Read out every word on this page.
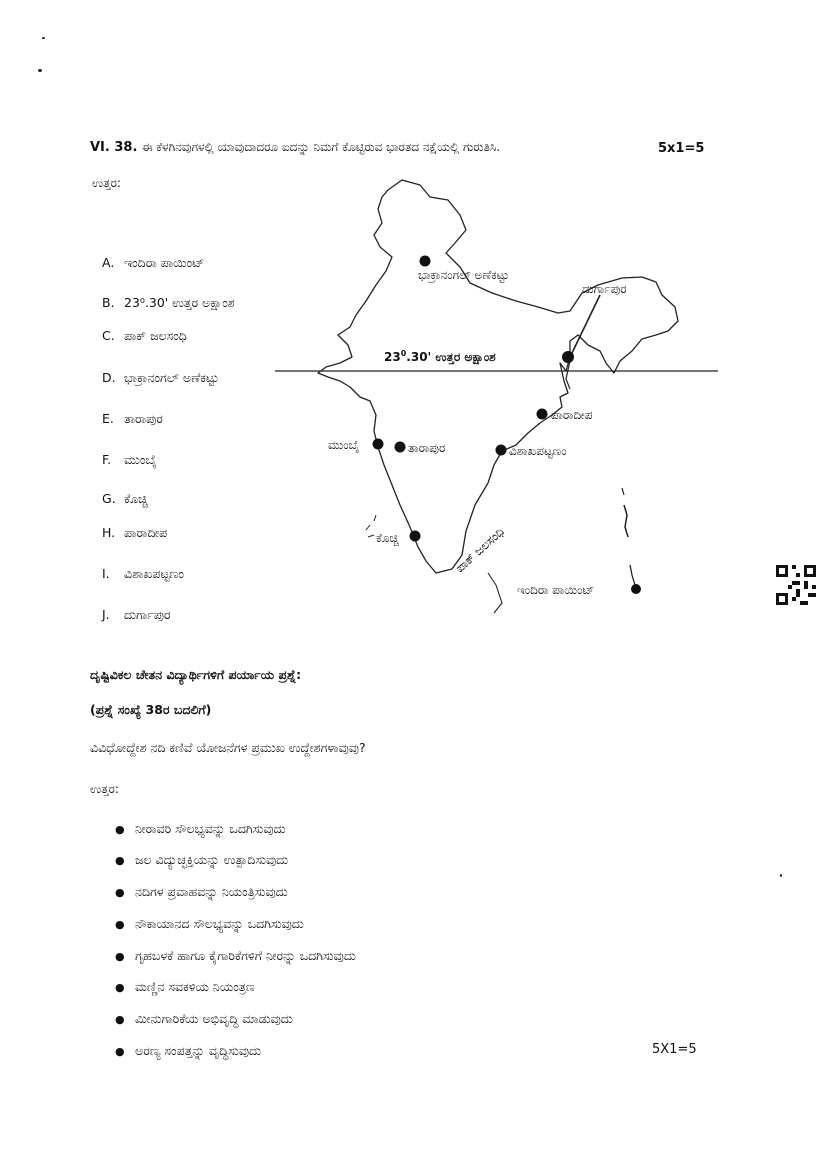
VI. 38. ಈ ಕೆಳಗಿನವುಗಳಲ್ಲಿ ಯಾವುದಾದರೂ ಐದನ್ನು ನಿಮಗೆ ಕೊಟ್ಟಿರುವ ಭಾರತದ ನಕ್ಷೆಯಲ್ಲಿ ಗುರುತಿಸಿ.	5x1=5
ಉತ್ತರ:
A. ಇಂದಿರಾ ಪಾಯಿಂಟ್
B. 23⁰.30' ಉತ್ತರ ಅಕ್ಷಾಂಶ
C. ಪಾಕ್ ಜಲಸಂಧಿ
D. ಭಾಕ್ರಾನಂಗಲ್ ಅಣೆಕಟ್ಟು
E. ತಾರಾಪುರ
F. ಮುಂಬೈ
G. ಕೊಚ್ಚಿ
H. ಪಾರಾದೀಪ
I. ವಿಶಾಖಪಟ್ಟಣಂ
J. ದುರ್ಗಾಪುರ
$23^0.30'$ ಉತ್ತರ ಅಕ್ಷಾಂಶ
ದುರ್ಗಾಪುರ
ಭಾಕ್ರಾನಂಗಲ್ ಅಣೆಕಟ್ಟು
ಪಾರಾದೀಪ
ಮುಂಬೈ	ತಾರಾಪುರ	ವಿಶಾಖಪಟ್ಟಣಂ
ಕೊಚ್ಚಿ	ಪಾಕ್ ಜಲಸಂಧಿ
ಇಂದಿರಾ ಪಾಯಿಂಟ್
ದೃಷ್ಟಿವಿಕಲ ಚೇತನ ವಿದ್ಯಾರ್ಥಿಗಳಿಗೆ ಪರ್ಯಾಯ ಪ್ರಶ್ನೆ:
(ಪ್ರಶ್ನೆ ಸಂಖ್ಯೆ 38ರ ಬದಲಿಗೆ)
ವಿವಿಧೋದ್ದೇಶ ನದಿ ಕಣಿವೆ ಯೋಜನೆಗಳ ಪ್ರಮುಖ ಉದ್ದೇಶಗಳಾವುವು?
ಉತ್ತರ:
● ನೀರಾವರಿ ಸೌಲಭ್ಯವನ್ನು ಒದಗಿಸುವುದು
● ಜಲ ವಿದ್ಯುಚ್ಛಕ್ತಿಯನ್ನು ಉತ್ಪಾದಿಸುವುದು
● ನದಿಗಳ ಪ್ರವಾಹವನ್ನು ನಿಯಂತ್ರಿಸುವುದು
● ನೌಕಾಯಾನದ ಸೌಲಭ್ಯವನ್ನು ಒದಗಿಸುವುದು
● ಗೃಹಬಳಕೆ ಹಾಗೂ ಕೈಗಾರಿಕೆಗಳಿಗೆ ನೀರನ್ನು ಒದಗಿಸುವುದು
● ಮಣ್ಣಿನ ಸವಕಳಿಯ ನಿಯಂತ್ರಣ
● ಮೀನುಗಾರಿಕೆಯ ಅಭಿವೃದ್ಧಿ ಮಾಡುವುದು
● ಅರಣ್ಯ ಸಂಪತ್ತನ್ನು ವೃದ್ಧಿಸುವುದು	5X1=5
